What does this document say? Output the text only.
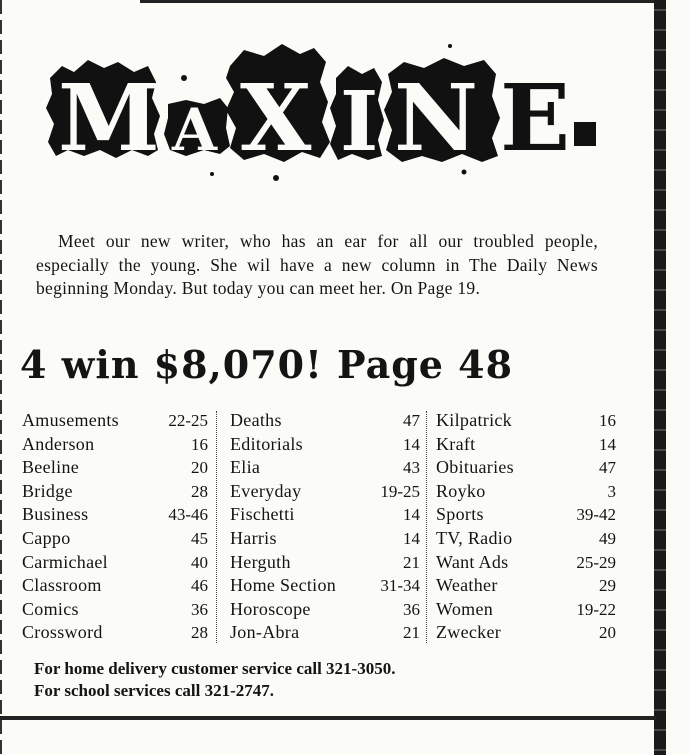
M A X I N E

Meet our new writer, who has an ear for all our troubled people, especially the young. She wil have a new column in The Daily News beginning Monday. But today you can meet her. On Page 19.

4 win $8,070! Page 48
Amusements	22-25
Anderson	16
Beeline	20
Bridge	28
Business	43-46
Cappo	45
Carmichael	40
Classroom	46
Comics	36
Crossword	28
Deaths	47
Editorials	14
Elia	43
Everyday	19-25
Fischetti	14
Harris	14
Herguth	21
Home Section	31-34
Horoscope	36
Jon-Abra	21
Kilpatrick	16
Kraft	14
Obituaries	47
Royko	3
Sports	39-42
TV, Radio	49
Want Ads	25-29
Weather	29
Women	19-22
Zwecker	20
For home delivery customer service call 321-3050.
For school services call 321-2747.
